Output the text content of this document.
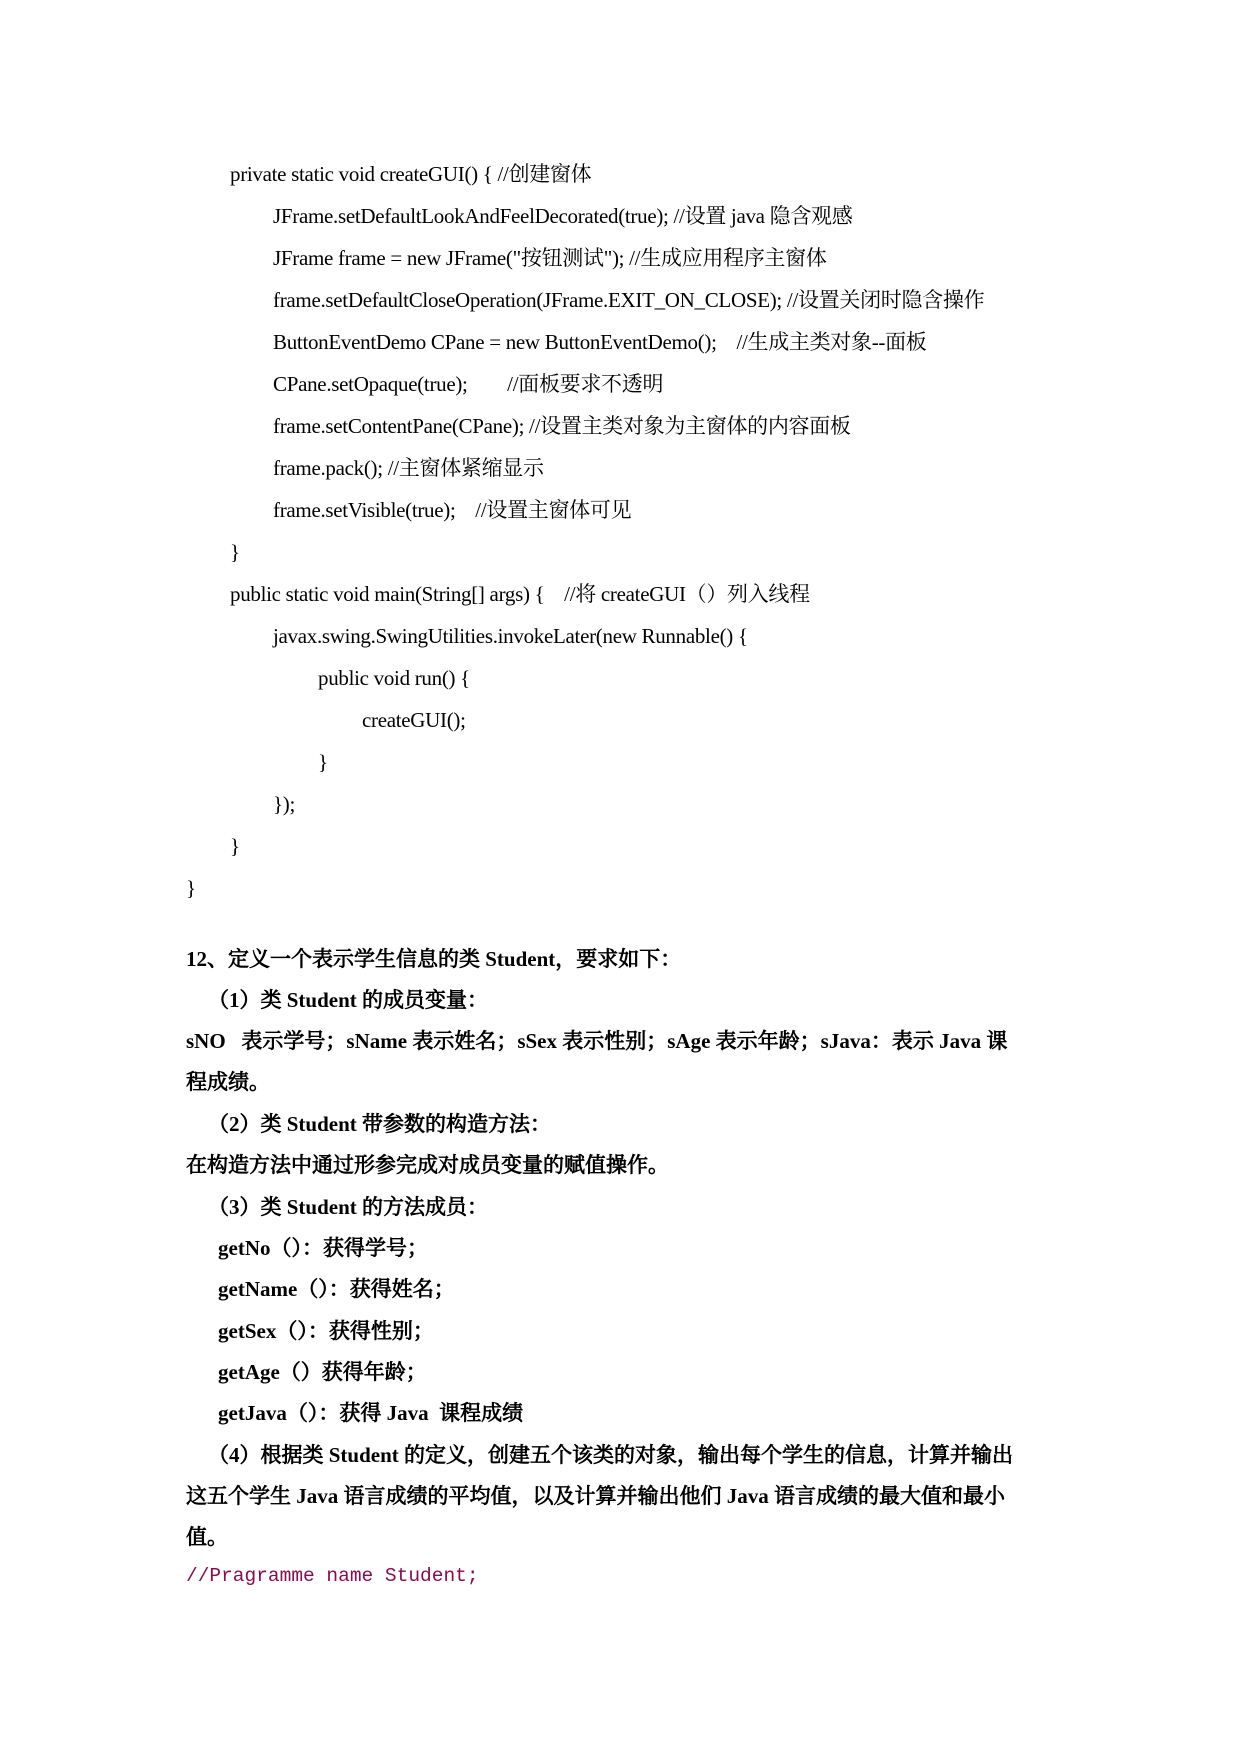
private static void createGUI() { //创建窗体
JFrame.setDefaultLookAndFeelDecorated(true); //设置 java 隐含观感
JFrame frame = new JFrame("按钮测试"); //生成应用程序主窗体
frame.setDefaultCloseOperation(JFrame.EXIT_ON_CLOSE); //设置关闭时隐含操作
ButtonEventDemo CPane = new ButtonEventDemo();    //生成主类对象--面板
CPane.setOpaque(true);        //面板要求不透明
frame.setContentPane(CPane); //设置主类对象为主窗体的内容面板
frame.pack(); //主窗体紧缩显示
frame.setVisible(true);    //设置主窗体可见
}
public static void main(String[] args) {    //将 createGUI（）列入线程
javax.swing.SwingUtilities.invokeLater(new Runnable() {
public void run() {
createGUI();
}
});
}
}
12、定义一个表示学生信息的类 Student，要求如下：
（1）类 Student 的成员变量：
sNO   表示学号；sName 表示姓名；sSex 表示性别；sAge 表示年龄；sJava：表示 Java 课
程成绩。
（2）类 Student 带参数的构造方法：
在构造方法中通过形参完成对成员变量的赋值操作。
（3）类 Student 的方法成员：
getNo（）：获得学号；
getName（）：获得姓名；
getSex（）：获得性别；
getAge（）获得年龄；
getJava（）：获得 Java  课程成绩
（4）根据类 Student 的定义，创建五个该类的对象，输出每个学生的信息，计算并输出
这五个学生 Java 语言成绩的平均值，以及计算并输出他们 Java 语言成绩的最大值和最小
值。
//Pragramme name Student;
